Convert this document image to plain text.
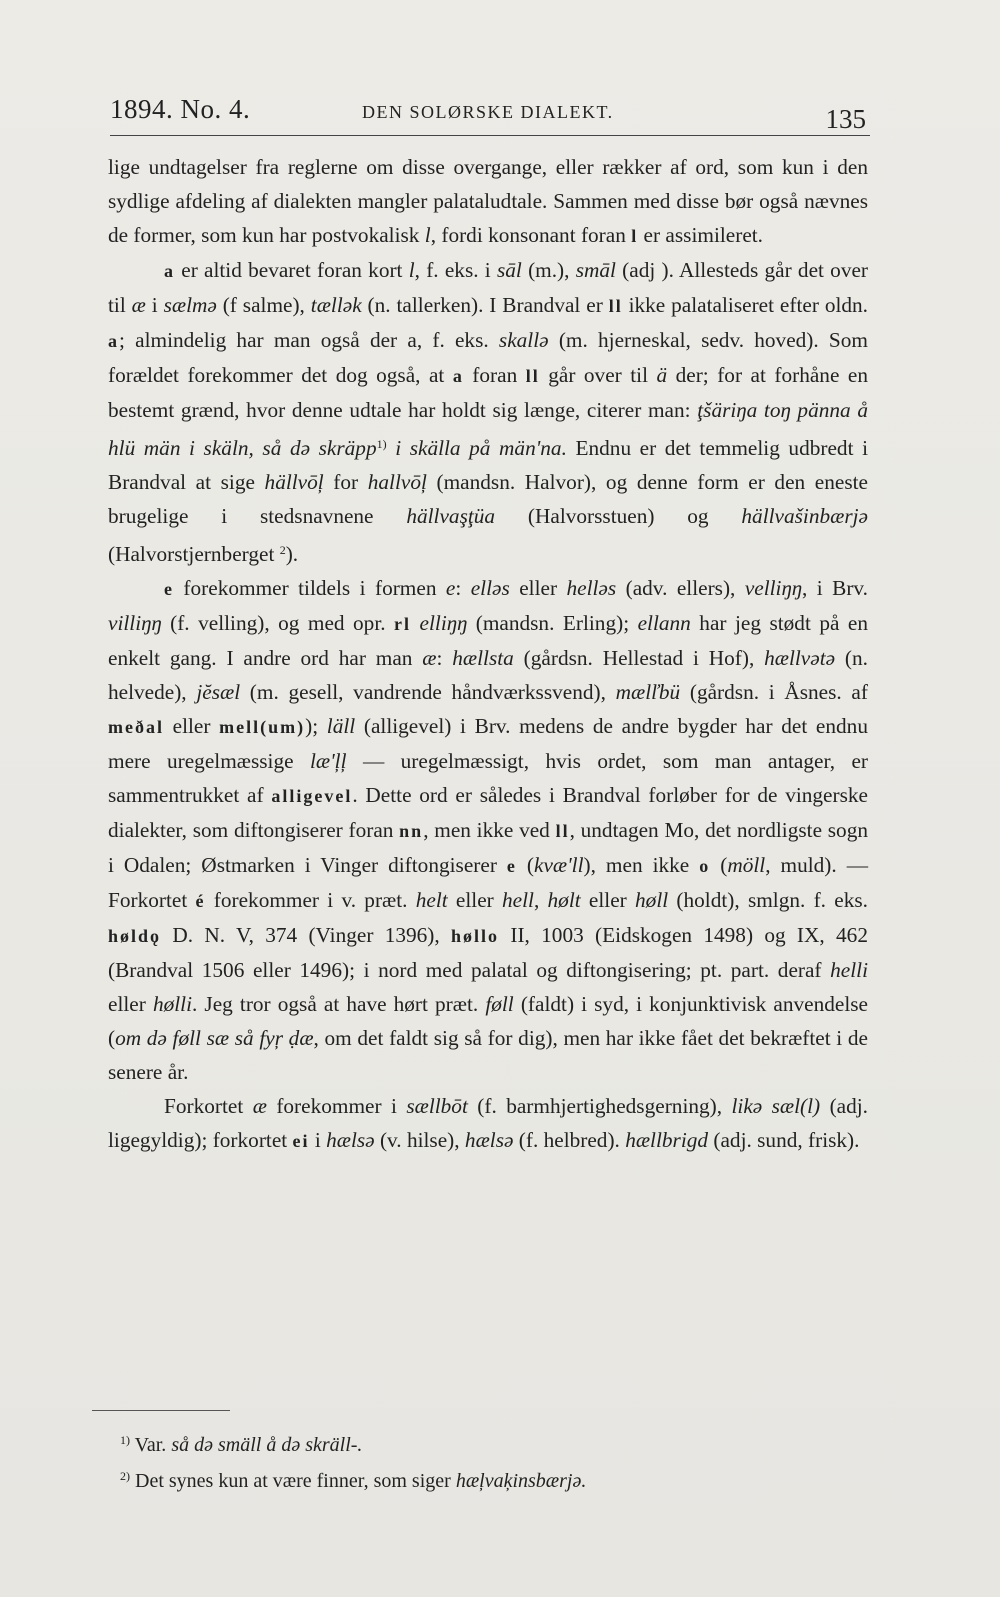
1894. No. 4.	DEN SOLØRSKE DIALEKT.	135

lige undtagelser fra reglerne om disse overgange, eller rækker af ord, som kun i den sydlige afdeling af dialekten mangler palataludtale. Sammen med disse bør også nævnes de former, som kun har postvokalisk l, fordi konsonant foran l er assimileret.

a er altid bevaret foran kort l, f. eks. i sāl (m.), smāl (adj ). Allesteds går det over til æ i sælmə (f salme), tællək (n. tallerken). I Brandval er ll ikke palataliseret efter oldn. a; almindelig har man også der a, f. eks. skallə (m. hjerneskal, sedv. hoved). Som forældet forekommer det dog også, at a foran ll går over til ä der; for at forhåne en bestemt grænd, hvor denne udtale har holdt sig længe, citerer man: ţšäriŋa toŋ pänna å hlü män i skäln, så də skräpp$^{1)}$ i skälla på män'na. Endnu er det temmelig udbredt i Brandval at sige hällvōļ for hallvōļ (mandsn. Halvor), og denne form er den eneste brugelige i stedsnavnene hällvaşţüa (Halvorsstuen) og hällvašinbærjə (Halvorstjernberget $^2$).

e forekommer tildels i formen e: elləs eller helləs (adv. ellers), velliŋŋ, i Brv. villiŋŋ (f. velling), og med opr. rl elliŋŋ (mandsn. Erling); ellann har jeg stødt på en enkelt gang. I andre ord har man æ: hællsta (gårdsn. Hellestad i Hof), hællvətə (n. helvede), jĕsæl (m. gesell, vandrende håndværkssvend), mælľbü (gårdsn. i Åsnes. af meðal eller mell(um)); läll (alligevel) i Brv. medens de andre bygder har det endnu mere uregelmæssige læ'ļļ — uregelmæssigt, hvis ordet, som man antager, er sammentrukket af alligevel. Dette ord er således i Brandval forløber for de vingerske dialekter, som diftongiserer foran nn, men ikke ved ll, undtagen Mo, det nordligste sogn i Odalen; Østmarken i Vinger diftongiserer e (kvæ'll), men ikke o (möll, muld). — Forkortet é forekommer i v. præt. helt eller hell, hølt eller høll (holdt), smlgn. f. eks. høldǫ D. N. V, 374 (Vinger 1396), høllo II, 1003 (Eidskogen 1498) og IX, 462 (Brandval 1506 eller 1496); i nord med palatal og diftongisering; pt. part. deraf helli eller hølli. Jeg tror også at have hørt præt. føll (faldt) i syd, i konjunktivisk anvendelse (om də føll sæ så fyŗ ḍæ, om det faldt sig så for dig), men har ikke fået det bekræftet i de senere år.

Forkortet æ forekommer i sællbōt (f. barmhjertighedsgerning), likə sæl(l) (adj. ligegyldig); forkortet ei i hælsə (v. hilse), hælsə (f. helbred). hællbrigd (adj. sund, frisk).

$^{1)}$ Var. så də smäll å də skräll-.

$^{2)}$ Det synes kun at være finner, som siger hæļvaķinsbærjə.
